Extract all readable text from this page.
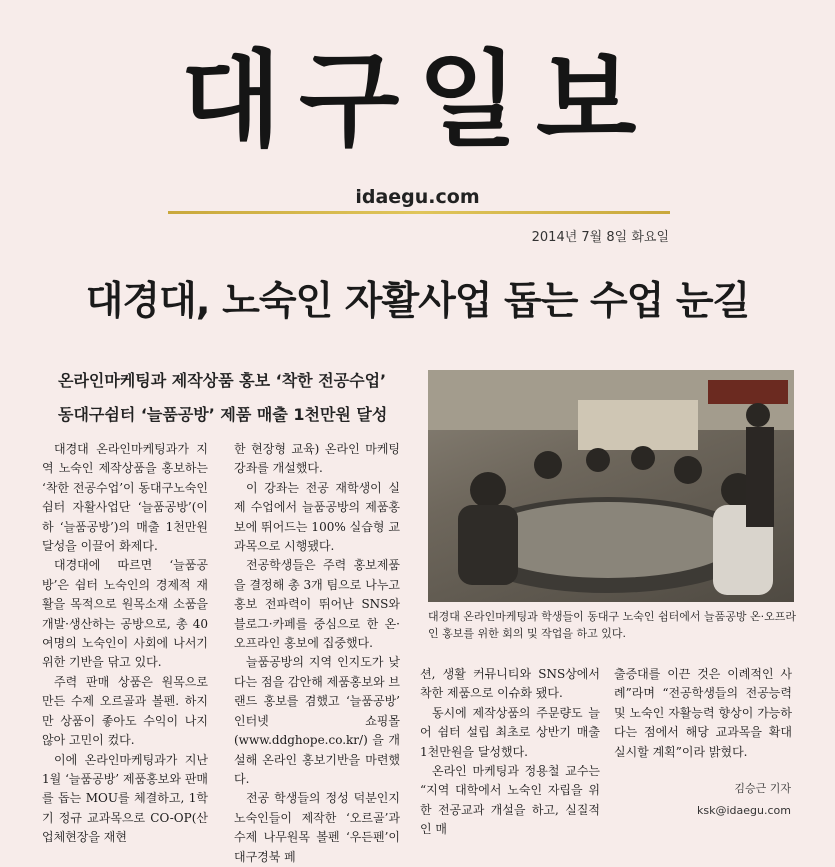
대구일보
idaegu.com
2014년 7월 8일 화요일
대경대, 노숙인 자활사업 돕는 수업 눈길
온라인마케팅과 제작상품 홍보 ‘착한 전공수업’
동대구쉼터 ‘늘품공방’ 제품 매출 1천만원 달성

대경대 온라인마케팅과가 지역 노숙인 제작상품을 홍보하는 ‘착한 전공수업’이 동대구노숙인쉼터 자활사업단 ‘늘품공방’(이하 ‘늘품공방’)의 매출 1천만원 달성을 이끌어 화제다.

대경대에 따르면 ‘늘품공방’은 쉼터 노숙인의 경제적 재활을 목적으로 원목소재 소품을 개발·생산하는 공방으로, 총 40여명의 노숙인이 사회에 나서기 위한 기반을 닦고 있다.

주력 판매 상품은 원목으로 만든 수제 오르골과 볼펜. 하지만 상품이 좋아도 수익이 나지 않아 고민이 컸다.

이에 온라인마케팅과가 지난 1월 ‘늘품공방’ 제품홍보와 판매를 돕는 MOU를 체결하고, 1학기 정규 교과목으로 CO-OP(산업체현장을 재현

한 현장형 교육) 온라인 마케팅 강좌를 개설했다.

이 강좌는 전공 재학생이 실제 수업에서 늘품공방의 제품홍보에 뛰어드는 100% 실습형 교과목으로 시행됐다.

전공학생들은 주력 홍보제품을 결정해 총 3개 팀으로 나누고 홍보 전파력이 뛰어난 SNS와 블로그·카페를 중심으로 한 온·오프라인 홍보에 집중했다.

늘품공방의 지역 인지도가 낮다는 점을 감안해 제품홍보와 브랜드 홍보를 겸했고 ‘늘품공방’ 인터넷 쇼핑몰(www.ddghope.co.kr/) 을 개설해 온라인 홍보기반을 마련했다.

전공 학생들의 정성 덕분인지 노숙인들이 제작한 ‘오르골’과 수제 나무원목 볼펜 ‘우든펜’이 대구경북 페

대경대 온라인마케팅과 학생들이 동대구 노숙인 쉼터에서 늘품공방 온·오프라인 홍보를 위한 회의 및 작업을 하고 있다.

션, 생활 커뮤니티와 SNS상에서 착한 제품으로 이슈화 됐다.

동시에 제작상품의 주문량도 늘어 쉼터 설립 최초로 상반기 매출 1천만원을 달성했다.

온라인 마케팅과 정용철 교수는 “지역 대학에서 노숙인 자립을 위한 전공교과 개설을 하고, 실질적인 매

출증대를 이끈 것은 이례적인 사례”라며 “전공학생들의 전공능력 및 노숙인 자활능력 향상이 가능하다는 점에서 해당 교과목을 확대 실시할 계획”이라 밝혔다.

김승근 기자
ksk@idaegu.com
